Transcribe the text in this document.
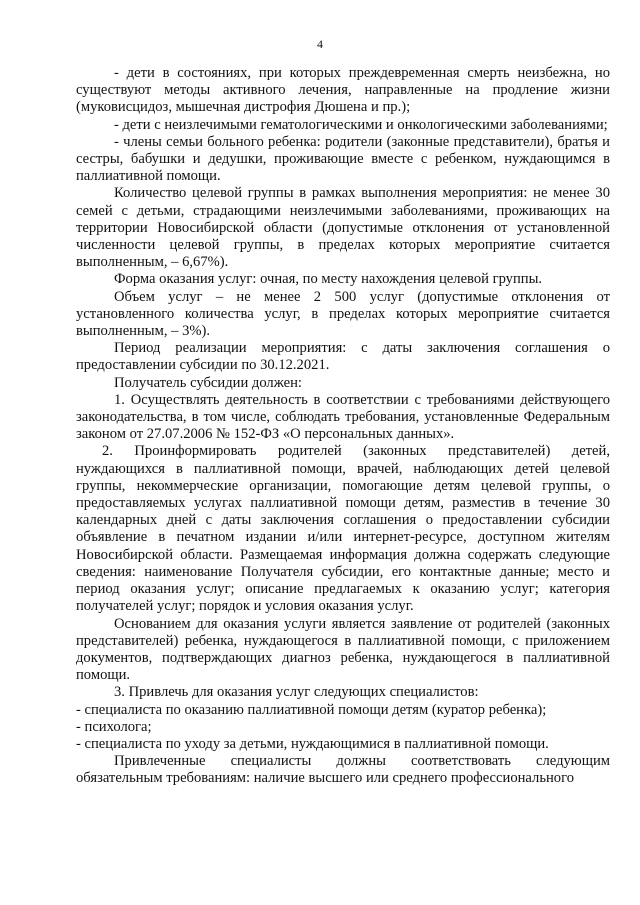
4

- дети в состояниях, при которых преждевременная смерть неизбежна, но существуют методы активного лечения, направленные на продление жизни (муковисцидоз, мышечная дистрофия Дюшена и пр.);

- дети с неизлечимыми гематологическими и онкологическими заболеваниями;

- члены семьи больного ребенка: родители (законные представители), братья и сестры, бабушки и дедушки, проживающие вместе с ребенком, нуждающимся в паллиативной помощи.

Количество целевой группы в рамках выполнения мероприятия: не менее 30 семей с детьми, страдающими неизлечимыми заболеваниями, проживающих на территории Новосибирской области (допустимые отклонения от установленной численности целевой группы, в пределах которых мероприятие считается выполненным, – 6,67%).

Форма оказания услуг: очная, по месту нахождения целевой группы.

Объем услуг – не менее 2 500 услуг (допустимые отклонения от установленного количества услуг, в пределах которых мероприятие считается выполненным, – 3%).

Период реализации мероприятия: с даты заключения соглашения о предоставлении субсидии по 30.12.2021.

Получатель субсидии должен:

1. Осуществлять деятельность в соответствии с требованиями действующего законодательства, в том числе, соблюдать требования, установленные Федеральным законом от 27.07.2006 № 152-ФЗ «О персональных данных».

2. Проинформировать родителей (законных представителей) детей, нуждающихся в паллиативной помощи, врачей, наблюдающих детей целевой группы, некоммерческие организации, помогающие детям целевой группы, о предоставляемых услугах паллиативной помощи детям, разместив в течение 30 календарных дней с даты заключения соглашения о предоставлении субсидии объявление в печатном издании и/или интернет-ресурсе, доступном жителям Новосибирской области. Размещаемая информация должна содержать следующие сведения: наименование Получателя субсидии, его контактные данные; место и период оказания услуг; описание предлагаемых к оказанию услуг; категория получателей услуг; порядок и условия оказания услуг.

Основанием для оказания услуги является заявление от родителей (законных представителей) ребенка, нуждающегося в паллиативной помощи, с приложением документов, подтверждающих диагноз ребенка, нуждающегося в паллиативной помощи.

3. Привлечь для оказания услуг следующих специалистов:

- специалиста по оказанию паллиативной помощи детям (куратор ребенка);

- психолога;

- специалиста по уходу за детьми, нуждающимися в паллиативной помощи.

Привлеченные специалисты должны соответствовать следующим обязательным требованиям: наличие высшего или среднего профессионального
